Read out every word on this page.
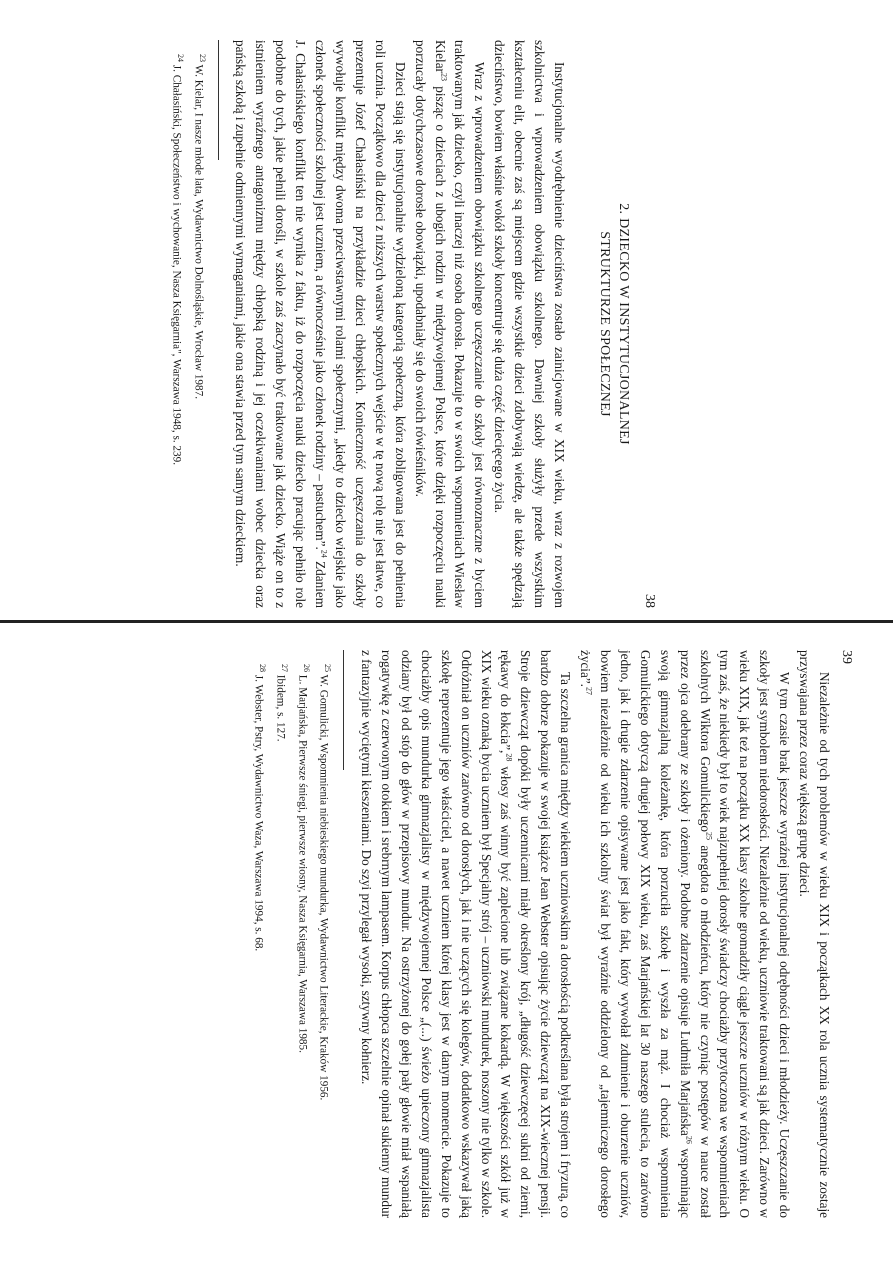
38
2. DZIECKO W INSTYTUCJONALNEJ
STRUKTURZE SPOŁECZNEJ

Instytucjonalne wyodrębnienie dzieciństwa zostało zainicjowane w XIX wieku, wraz z rozwojem szkolnictwa i wprowadzeniem obowiązku szkolnego. Dawniej szkoły służyły przede wszystkim kształceniu elit, obecnie zaś są miejscem gdzie wszystkie dzieci zdobywają wiedzę, ale także spędzają dzieciństwo, bowiem właśnie wokół szkoły koncentruje się duża część dziecięcego życia.

Wraz z wprowadzeniem obowiązku szkolnego uczęszczanie do szkoły jest równoznaczne z byciem traktowanym jak dziecko, czyli inaczej niż osoba dorosła. Pokazuje to w swoich wspomnieniach Wiesław Kielar$^{23}$ pisząc o dzieciach z ubogich rodzin w międzywojennej Polsce, które dzięki rozpoczęciu nauki porzucały dotychczasowe dorosłe obowiązki, upodabniały się do swoich rówieśników.

Dzieci stają się instytucjonalnie wydzieloną kategorią społeczną, która zobligowana jest do pełnienia roli ucznia. Początkowo dla dzieci z niższych warstw społecznych wejście w tę nową rolę nie jest łatwe, co prezentuje Józef Chałasiński na przykładzie dzieci chłopskich. Konieczność uczęszczania do szkoły wywołuje konflikt między dwoma przeciwstawnymi rolami społecznymi, „kiedy to dziecko wiejskie jako członek społeczności szkolnej jest uczniem, a równocześnie jako członek rodziny – pastuchem”.$^{24}$ Zdaniem J. Chałasińskiego konflikt ten nie wynika z faktu, iż do rozpoczęcia nauki dziecko pracując pełniło role podobne do tych, jakie pełnili dorośli, w szkole zaś zaczynało być traktowane jak dziecko. Wiąże on to z istnieniem wyraźnego antagonizmu między chłopską rodziną i jej oczekiwaniami wobec dziecka oraz pańską szkołą i zupełnie odmiennymi wymaganiami, jakie ona stawia przed tym samym dzieckiem.

$^{23}$ W. Kielar, I nasze młode lata, Wydawnictwo Dolnośląskie, Wrocław 1987.

$^{24}$ J. Chałasiński, Społeczeństwo i wychowanie, Nasza Księgarnia", Warszawa 1948, s. 239.

39

Niezależnie od tych problemów w wieku XIX i początkach XX rola ucznia systematycznie zostaje przyswajana przez coraz większą grupę dzieci.

W tym czasie brak jeszcze wyraźnej instytucjonalnej odrębności dzieci i młodzieży. Uczęszczanie do szkoły jest symbolem niedorosłości. Niezależnie od wieku, uczniowie traktowani są jak dzieci. Zarówno w wieku XIX, jak też na początku XX klasy szkolne gromadziły ciągle jeszcze uczniów w różnym wieku. O tym zaś, że niekiedy był to wiek najzupełniej dorosły świadczy chociażby przytoczona we wspomnieniach szkolnych Wiktora Gomulickiego$^{25}$ anegdota o młodzieńcu, który nie czyniąc postępów w nauce został przez ojca odebrany ze szkoły i ożeniony. Podobne zdarzenie opisuje Ludmiła Marjańska$^{26}$ wspominając swoją gimnazjalną koleżankę, która porzuciła szkołę i wyszła za mąż. I chociaż wspomnienia Gomulickiego dotyczą drugiej połowy XIX wieku, zaś Marjańskiej lat 30 naszego stulecia, to zarówno jedno, jak i drugie zdarzenie opisywane jest jako fakt, który wywołał zdumienie i oburzenie uczniów, bowiem niezależnie od wieku ich szkolny świat był wyraźnie oddzielony od „tajemniczego dorosłego życia”.$^{27}$

Ta szczelna granica między wiekiem uczniowskim a dorosłością podkreślana była strojem i fryzurą, co bardzo dobrze pokazuje w swojej książce Jean Webster opisując życie dziewcząt na XIX-wiecznej pensji. Stroje dziewcząt dopóki były uczennicami miały określony krój, „długość dziewczęcej sukni od ziemi, rękawy do łokcia”,$^{28}$ włosy zaś winny być zaplecione lub związane kokardą. W większości szkół już w XIX wieku oznaką bycia uczniem był Specjalny strój – uczniowski mundurek, noszony nie tylko w szkole. Odróżniał on uczniów zarówno od dorosłych, jak i nie uczących się kolegów, dodatkowo wskazywał jaką szkołę reprezentuje jego właściciel, a nawet uczniem której klasy jest w danym momencie. Pokazuje to chociażby opis mundurka gimnazjalisty w międzywojennej Polsce „(...) świeżo upieczony gimnazjalista odziany był od stóp do głów w przepisowy mundur. Na ostrzyżonej do gołej pały głowie miał wspaniałą rogatywkę z czerwonym otokiem i srebrnym lampasem. Korpus chłopca szczelnie opinał sukienny mundur z fantazyjnie wyciętymi kieszeniami. Do szyi przylegał wysoki, sztywny kołnierz.

$^{25}$ W. Gomulicki, Wspomnienia niebieskiego mundurka, Wydawnictwo Literackie, Kraków 1956.

$^{26}$ L. Marjańska, Pierwsze śniegi, pierwsze wiosny, Nasza Księgarnia, Warszawa 1985.

$^{27}$ Ibidem, s. 127.

$^{28}$ J. Webster, Pstry, Wydawnictwo Waza, Warszawa 1994, s. 68.
